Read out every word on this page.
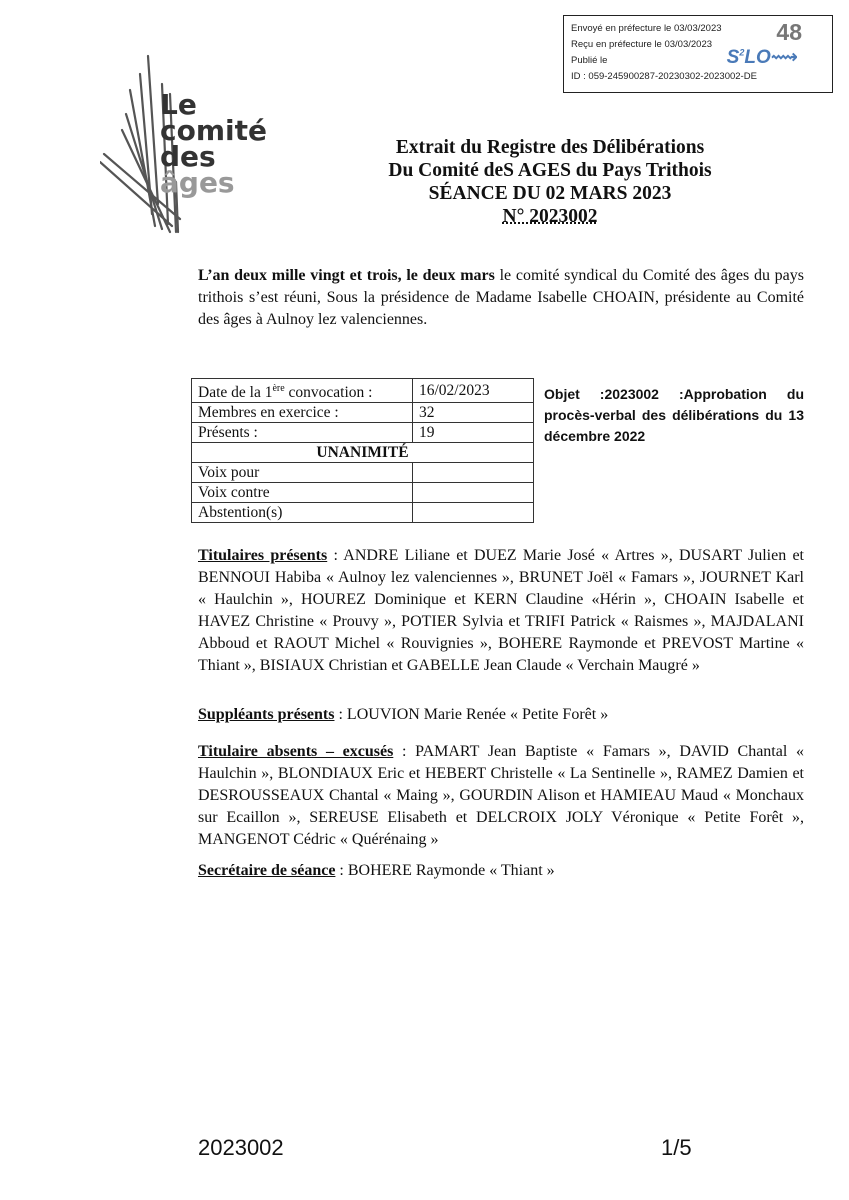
Envoyé en préfecture le 03/03/2023
Reçu en préfecture le 03/03/2023
Publié le
ID : 059-245900287-20230302-2023002-DE
48
$S^2LO⟿$
Le
comité
des
âges
Extrait du Registre des Délibérations
Du Comité deS AGES du Pays Trithois
SÉANCE DU 02 MARS 2023
N° 2023002
L’an deux mille vingt et trois, le deux mars le comité syndical du Comité des âges du pays trithois s’est réuni, Sous la présidence de Madame Isabelle CHOAIN, présidente au Comité des âges à Aulnoy lez valenciennes.
Date de la 1ère convocation :	16/02/2023
Membres en exercice :	32
Présents :	19
UNANIMITÉ	
Voix pour	
Voix contre	
Abstention(s)	
Objet :2023002 :Approbation du procès-verbal des délibérations du 13 décembre 2022
Titulaires présents : ANDRE Liliane et DUEZ Marie José « Artres », DUSART Julien et BENNOUI Habiba « Aulnoy lez valenciennes », BRUNET Joël « Famars », JOURNET Karl « Haulchin », HOUREZ Dominique et KERN Claudine «Hérin », CHOAIN Isabelle et HAVEZ Christine « Prouvy », POTIER Sylvia et TRIFI Patrick « Raismes », MAJDALANI Abboud et RAOUT Michel « Rouvignies », BOHERE Raymonde et PREVOST Martine « Thiant », BISIAUX Christian et GABELLE Jean Claude « Verchain Maugré »
Suppléants présents : LOUVION Marie Renée « Petite Forêt »
Titulaire absents – excusés : PAMART Jean Baptiste « Famars », DAVID Chantal « Haulchin », BLONDIAUX Eric et HEBERT Christelle « La Sentinelle », RAMEZ Damien et DESROUSSEAUX Chantal « Maing », GOURDIN Alison et HAMIEAU Maud « Monchaux sur Ecaillon », SEREUSE Elisabeth et DELCROIX JOLY Véronique « Petite Forêt », MANGENOT Cédric « Quérénaing »
Secrétaire de séance : BOHERE Raymonde « Thiant »
2023002	1/5
